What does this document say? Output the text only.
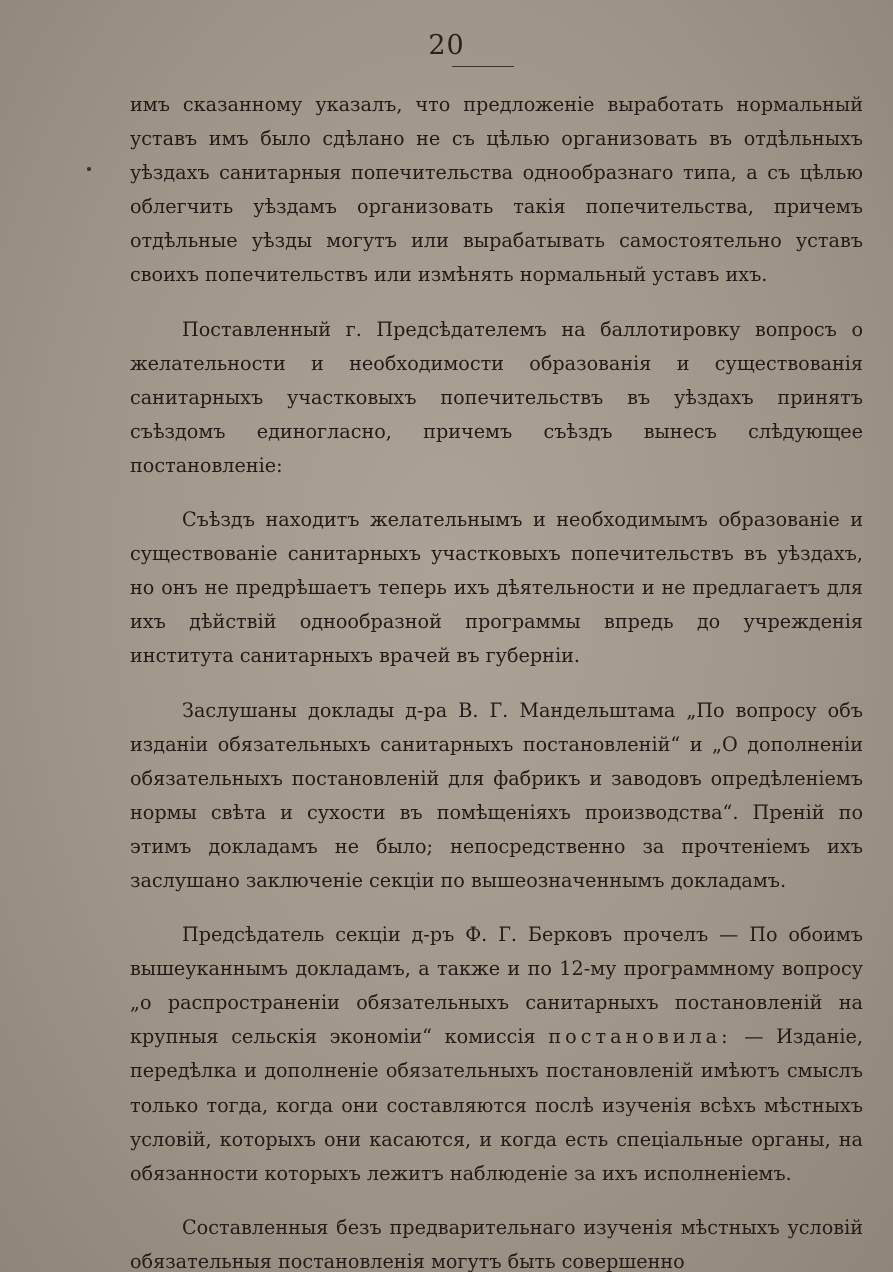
20

имъ сказанному указалъ, что предложеніе выработать нормальный уставъ имъ было сдѣлано не съ цѣлью организовать въ отдѣльныхъ уѣздахъ санитарныя попечительства однообразнаго типа, а съ цѣлью облегчить уѣздамъ организовать такія попечительства, причемъ отдѣльные уѣзды могутъ или вырабатывать самостоятельно уставъ своихъ попечительствъ или измѣнять нормальный уставъ ихъ.

Поставленный г. Предсѣдателемъ на баллотировку вопросъ о желательности и необходимости образованія и существованія санитарныхъ участковыхъ попечительствъ въ уѣздахъ принятъ съѣздомъ единогласно, причемъ съѣздъ вынесъ слѣдующее постановленіе:

Съѣздъ находитъ желательнымъ и необходимымъ образованіе и существованіе санитарныхъ участковыхъ попечительствъ въ уѣздахъ, но онъ не предрѣшаетъ теперь ихъ дѣятельности и не предлагаетъ для ихъ дѣйствій однообразной программы впредь до учрежденія института санитарныхъ врачей въ губерніи.

Заслушаны доклады д-ра В. Г. Мандельштама „По вопросу объ изданіи обязательныхъ санитарныхъ постановленій“ и „О дополненіи обязательныхъ постановленій для фабрикъ и заводовъ опредѣленіемъ нормы свѣта и сухости въ помѣщеніяхъ производства“. Преній по этимъ докладамъ не было; непосредственно за прочтеніемъ ихъ заслушано заключеніе секціи по вышеозначеннымъ докладамъ.

Предсѣдатель секціи д-ръ Ф. Г. Берковъ прочелъ — По обоимъ вышеуканнымъ докладамъ, а также и по 12-му программному вопросу „о распространеніи обязательныхъ санитарныхъ постановленій на крупныя сельскія экономіи“ комиссія постановила: — Изданіе, передѣлка и дополненіе обязательныхъ постановленій имѣютъ смыслъ только тогда, когда они составляются послѣ изученія всѣхъ мѣстныхъ условій, которыхъ они касаются, и когда есть спеціальные органы, на обязанности которыхъ лежитъ наблюденіе за ихъ исполненіемъ.

Составленныя безъ предварительнаго изученія мѣстныхъ условій обязательныя постановленія могутъ быть совершенно
